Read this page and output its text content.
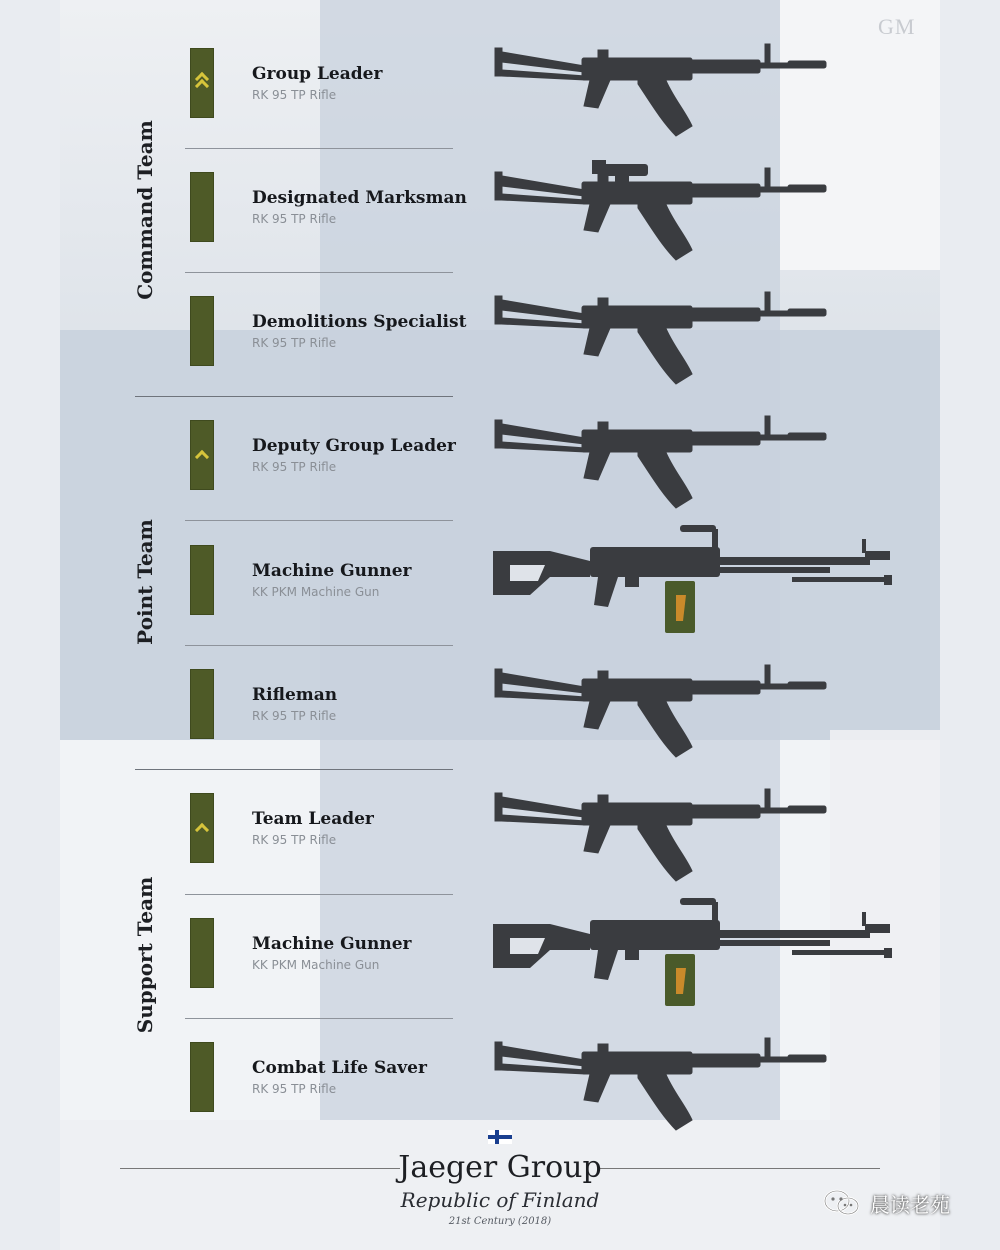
GM
Command Team
Point Team
Support Team
Group Leader
RK 95 TP Rifle
Designated Marksman
RK 95 TP Rifle
Demolitions Specialist
RK 95 TP Rifle
Deputy Group Leader
RK 95 TP Rifle
Machine Gunner
KK PKM Machine Gun
Rifleman
RK 95 TP Rifle
Team Leader
RK 95 TP Rifle
Machine Gunner
KK PKM Machine Gun
Combat Life Saver
RK 95 TP Rifle
Jaeger Group
Republic of Finland
21st Century (2018)
晨读老苑
